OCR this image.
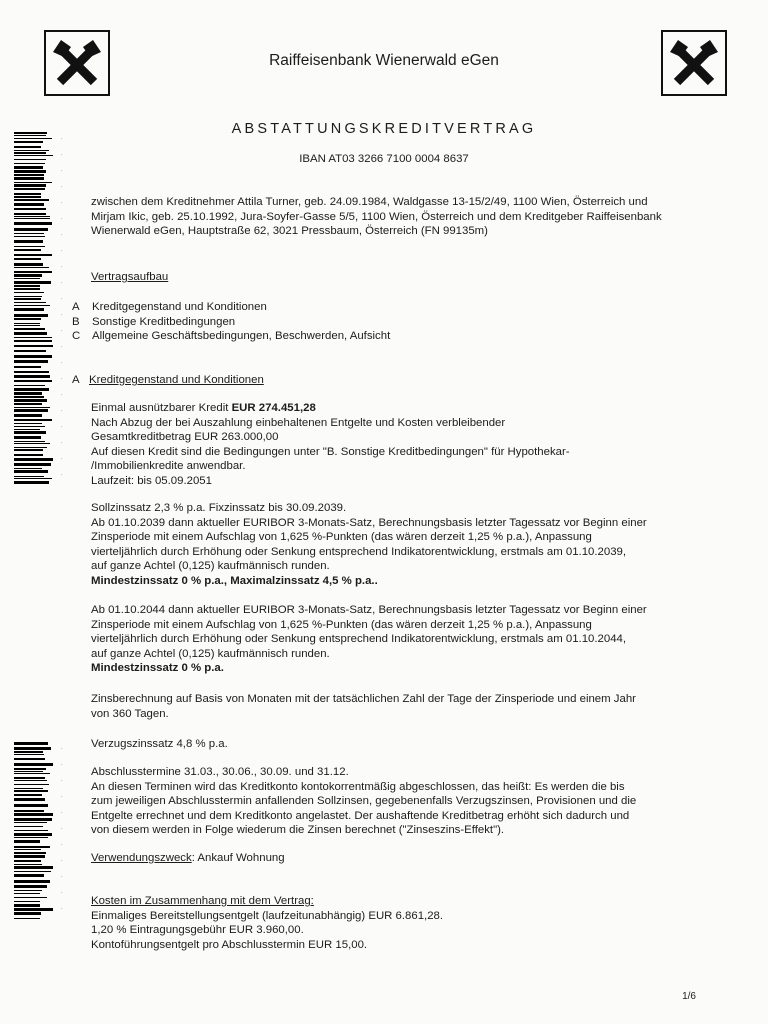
Raiffeisenbank Wienerwald eGen
ABSTATTUNGSKREDITVERTRAG
IBAN AT03 3266 7100 0004 8637
·
·
·
·
·
·
·
·
·
·
·
·
·
·
·
·
·
·
·
·
·
·
·
·
·
·
·
·
·
·
·
·
·
zwischen dem Kreditnehmer Attila Turner, geb. 24.09.1984, Waldgasse 13-15/2/49, 1100 Wien, Österreich und
Mirjam Ikic, geb. 25.10.1992, Jura-Soyfer-Gasse 5/5, 1100 Wien, Österreich und dem Kreditgeber Raiffeisenbank
Wienerwald eGen, Hauptstraße 62, 3021 Pressbaum, Österreich (FN 99135m)
Vertragsaufbau
A Kreditgegenstand und Konditionen
B Sonstige Kreditbedingungen
C Allgemeine Geschäftsbedingungen, Beschwerden, Aufsicht
A Kreditgegenstand und Konditionen
Einmal ausnützbarer Kredit EUR 274.451,28
Nach Abzug der bei Auszahlung einbehaltenen Entgelte und Kosten verbleibender
Gesamtkreditbetrag EUR 263.000,00
Auf diesen Kredit sind die Bedingungen unter "B. Sonstige Kreditbedingungen" für Hypothekar-
/Immobilienkredite anwendbar.
Laufzeit: bis 05.09.2051
Sollzinssatz 2,3 % p.a. Fixzinssatz bis 30.09.2039.
Ab 01.10.2039 dann aktueller EURIBOR 3-Monats-Satz, Berechnungsbasis letzter Tagessatz vor Beginn einer
Zinsperiode mit einem Aufschlag von 1,625 %-Punkten (das wären derzeit 1,25 % p.a.), Anpassung
vierteljährlich durch Erhöhung oder Senkung entsprechend Indikatorentwicklung, erstmals am 01.10.2039,
auf ganze Achtel (0,125) kaufmännisch runden.
Mindestzinssatz 0 % p.a., Maximalzinssatz 4,5 % p.a..
Ab 01.10.2044 dann aktueller EURIBOR 3-Monats-Satz, Berechnungsbasis letzter Tagessatz vor Beginn einer
Zinsperiode mit einem Aufschlag von 1,625 %-Punkten (das wären derzeit 1,25 % p.a.), Anpassung
vierteljährlich durch Erhöhung oder Senkung entsprechend Indikatorentwicklung, erstmals am 01.10.2044,
auf ganze Achtel (0,125) kaufmännisch runden.
Mindestzinssatz 0 % p.a.
Zinsberechnung auf Basis von Monaten mit der tatsächlichen Zahl der Tage der Zinsperiode und einem Jahr
von 360 Tagen.
Verzugszinssatz 4,8 % p.a.
Abschlusstermine 31.03., 30.06., 30.09. und 31.12.
An diesen Terminen wird das Kreditkonto kontokorrentmäßig abgeschlossen, das heißt: Es werden die bis
zum jeweiligen Abschlusstermin anfallenden Sollzinsen, gegebenenfalls Verzugszinsen, Provisionen und die
Entgelte errechnet und dem Kreditkonto angelastet. Der aushaftende Kreditbetrag erhöht sich dadurch und
von diesem werden in Folge wiederum die Zinsen berechnet ("Zinseszins-Effekt").
Verwendungszweck: Ankauf Wohnung
Kosten im Zusammenhang mit dem Vertrag:
Einmaliges Bereitstellungsentgelt (laufzeitunabhängig) EUR 6.861,28.
1,20 % Eintragungsgebühr EUR 3.960,00.
Kontoführungsentgelt pro Abschlusstermin EUR 15,00.
1/6
